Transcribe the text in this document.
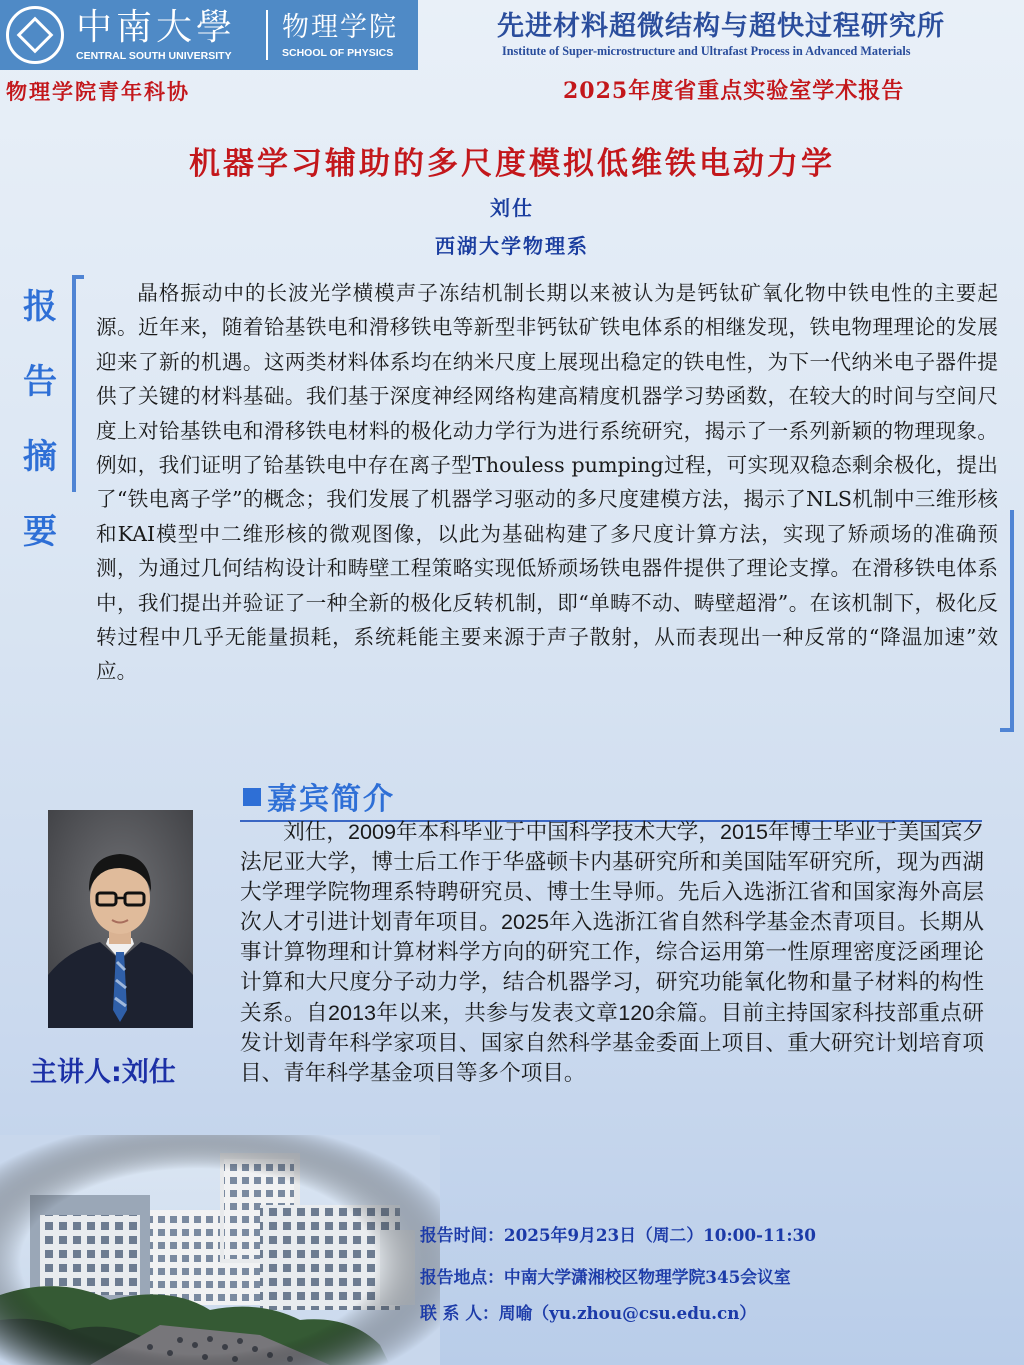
中南大學
CENTRAL SOUTH UNIVERSITY
物理学院
SCHOOL OF PHYSICS
先进材料超微结构与超快过程研究所
Institute of Super-microstructure and Ultrafast Process in Advanced Materials
物理学院青年科协	2025年度省重点实验室学术报告
机器学习辅助的多尺度模拟低维铁电动力学
刘仕
西湖大学物理系
报
告
摘
要

晶格振动中的长波光学横模声子冻结机制长期以来被认为是钙钛矿氧化物中铁电性的主要起源。近年来，随着铪基铁电和滑移铁电等新型非钙钛矿铁电体系的相继发现，铁电物理理论的发展迎来了新的机遇。这两类材料体系均在纳米尺度上展现出稳定的铁电性，为下一代纳米电子器件提供了关键的材料基础。我们基于深度神经网络构建高精度机器学习势函数，在较大的时间与空间尺度上对铪基铁电和滑移铁电材料的极化动力学行为进行系统研究，揭示了一系列新颖的物理现象。例如，我们证明了铪基铁电中存在离子型Thouless pumping过程，可实现双稳态剩余极化，提出了“铁电离子学”的概念；我们发展了机器学习驱动的多尺度建模方法，揭示了NLS机制中三维形核和KAI模型中二维形核的微观图像，以此为基础构建了多尺度计算方法，实现了矫顽场的准确预测，为通过几何结构设计和畴壁工程策略实现低矫顽场铁电器件提供了理论支撑。在滑移铁电体系中，我们提出并验证了一种全新的极化反转机制，即“单畴不动、畴壁超滑”。在该机制下，极化反转过程中几乎无能量损耗，系统耗能主要来源于声子散射，从而表现出一种反常的“降温加速”效应。

嘉宾简介

刘仕，2009年本科毕业于中国科学技术大学，2015年博士毕业于美国宾夕法尼亚大学，博士后工作于华盛顿卡内基研究所和美国陆军研究所，现为西湖大学理学院物理系特聘研究员、博士生导师。先后入选浙江省和国家海外高层次人才引进计划青年项目。2025年入选浙江省自然科学基金杰青项目。长期从事计算物理和计算材料学方向的研究工作，综合运用第一性原理密度泛函理论计算和大尺度分子动力学，结合机器学习，研究功能氧化物和量子材料的构性关系。自2013年以来，共参与发表文章120余篇。目前主持国家科技部重点研发计划青年科学家项目、国家自然科学基金委面上项目、重大研究计划培育项目、青年科学基金项目等多个项目。

主讲人:刘仕
报告时间：2025年9月23日（周二）10:00-11:30
报告地点：中南大学潇湘校区物理学院345会议室
联 系 人：周喻（yu.zhou@csu.edu.cn）
